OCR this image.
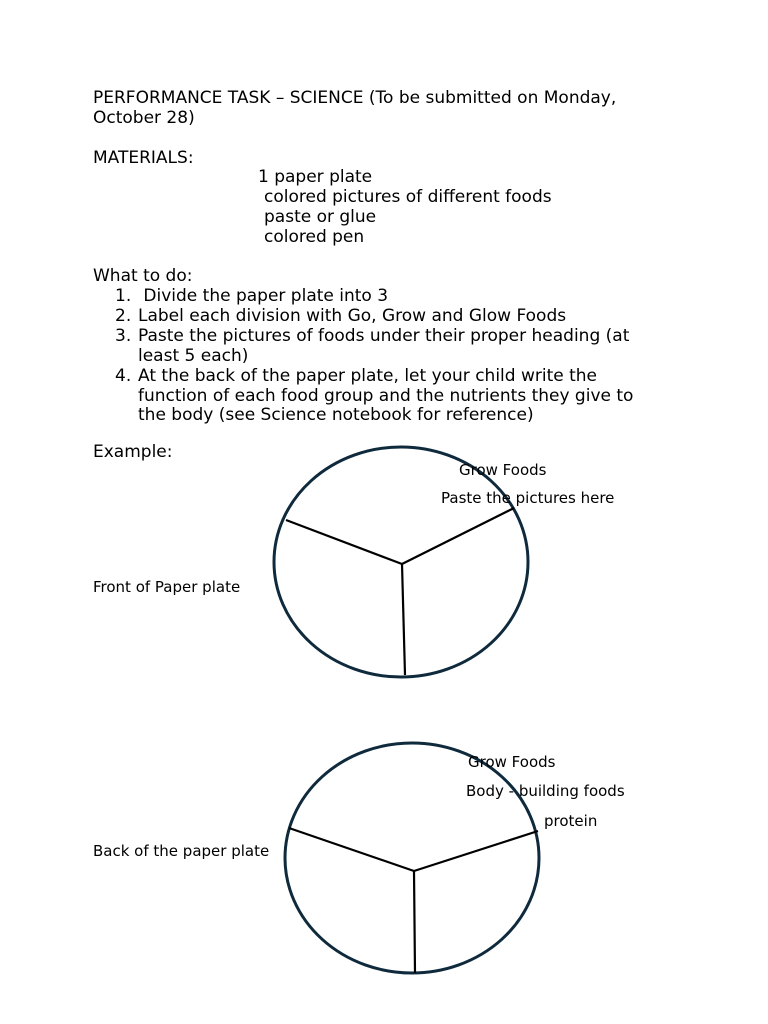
PERFORMANCE TASK – SCIENCE (To be submitted on Monday,
October 28)
MATERIALS:
1 paper plate
colored pictures of different foods
paste or glue
colored pen
What to do:
1. Divide the paper plate into 3
2. Label each division with Go, Grow and Glow Foods
3. Paste the pictures of foods under their proper heading (at
least 5 each)
4. At the back of the paper plate, let your child write the
function of each food group and the nutrients they give to
the body (see Science notebook for reference)
Example:
Grow Foods
Paste the pictures here
Front of Paper plate
Grow Foods
Body - building foods
protein
Back of the paper plate
